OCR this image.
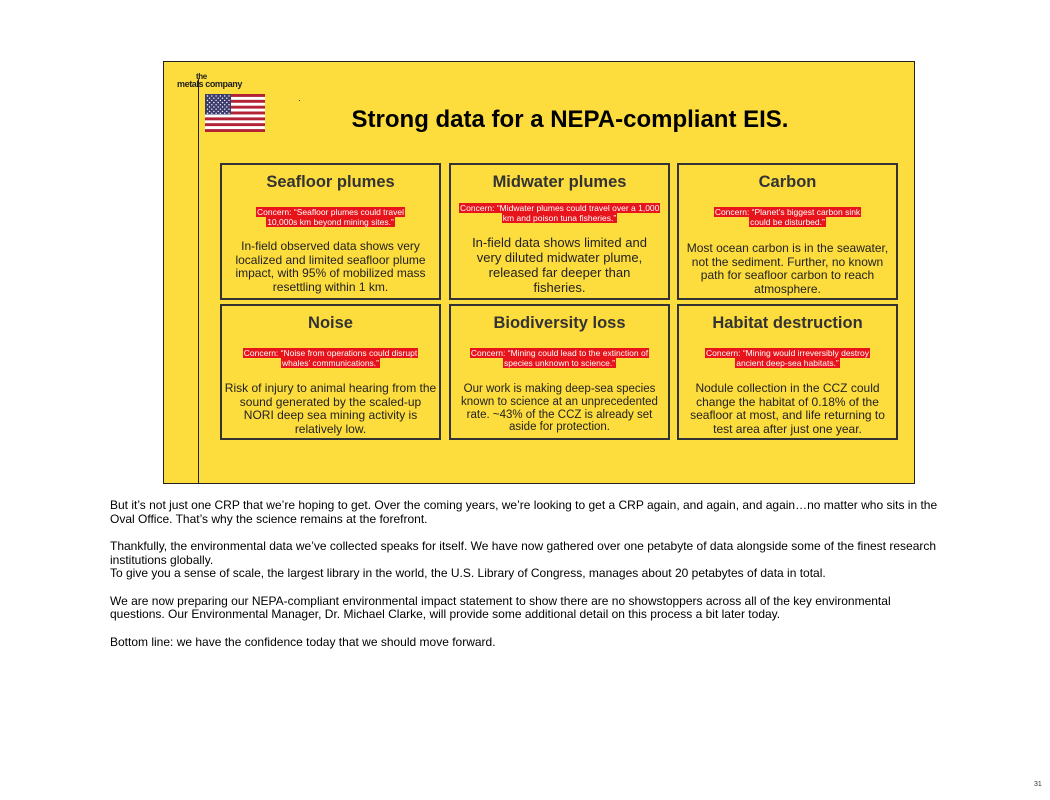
the
metals company
Strong data for a NEPA-compliant EIS.
Seafloor plumes
Concern: “Seafloor plumes could travel 10,000s km beyond mining sites.”
In-field observed data shows very localized and limited seafloor plume impact, with 95% of mobilized mass resettling within 1 km.
Midwater plumes
Concern: “Midwater plumes could travel over a 1,000 km and poison tuna fisheries.”
In-field data shows limited and very diluted midwater plume, released far deeper than fisheries.
Carbon
Concern: “Planet’s biggest carbon sink could be disturbed.”
Most ocean carbon is in the seawater, not the sediment. Further, no known path for seafloor carbon to reach atmosphere.
Noise
Concern: “Noise from operations could disrupt whales’ communications.”
Risk of injury to animal hearing from the sound generated by the scaled-up NORI deep sea mining activity is relatively low.
Biodiversity loss
Concern: “Mining could lead to the extinction of species unknown to science.”
Our work is making deep-sea species known to science at an unprecedented rate. ~43% of the CCZ is already set aside for protection.
Habitat destruction
Concern: “Mining would irreversibly destroy ancient deep-sea habitats.”
Nodule collection in the CCZ could change the habitat of 0.18% of the seafloor at most, and life returning to test area after just one year.

But it’s not just one CRP that we’re hoping to get. Over the coming years, we’re looking to get a CRP again, and again, and again…no matter who sits in the Oval Office. That’s why the science remains at the forefront.

Thankfully, the environmental data we’ve collected speaks for itself. We have now gathered over one petabyte of data alongside some of the finest research institutions globally.

To give you a sense of scale, the largest library in the world, the U.S. Library of Congress, manages about 20 petabytes of data in total.

We are now preparing our NEPA-compliant environmental impact statement to show there are no showstoppers across all of the key environmental questions. Our Environmental Manager, Dr. Michael Clarke, will provide some additional detail on this process a bit later today.

Bottom line: we have the confidence today that we should move forward.

31
